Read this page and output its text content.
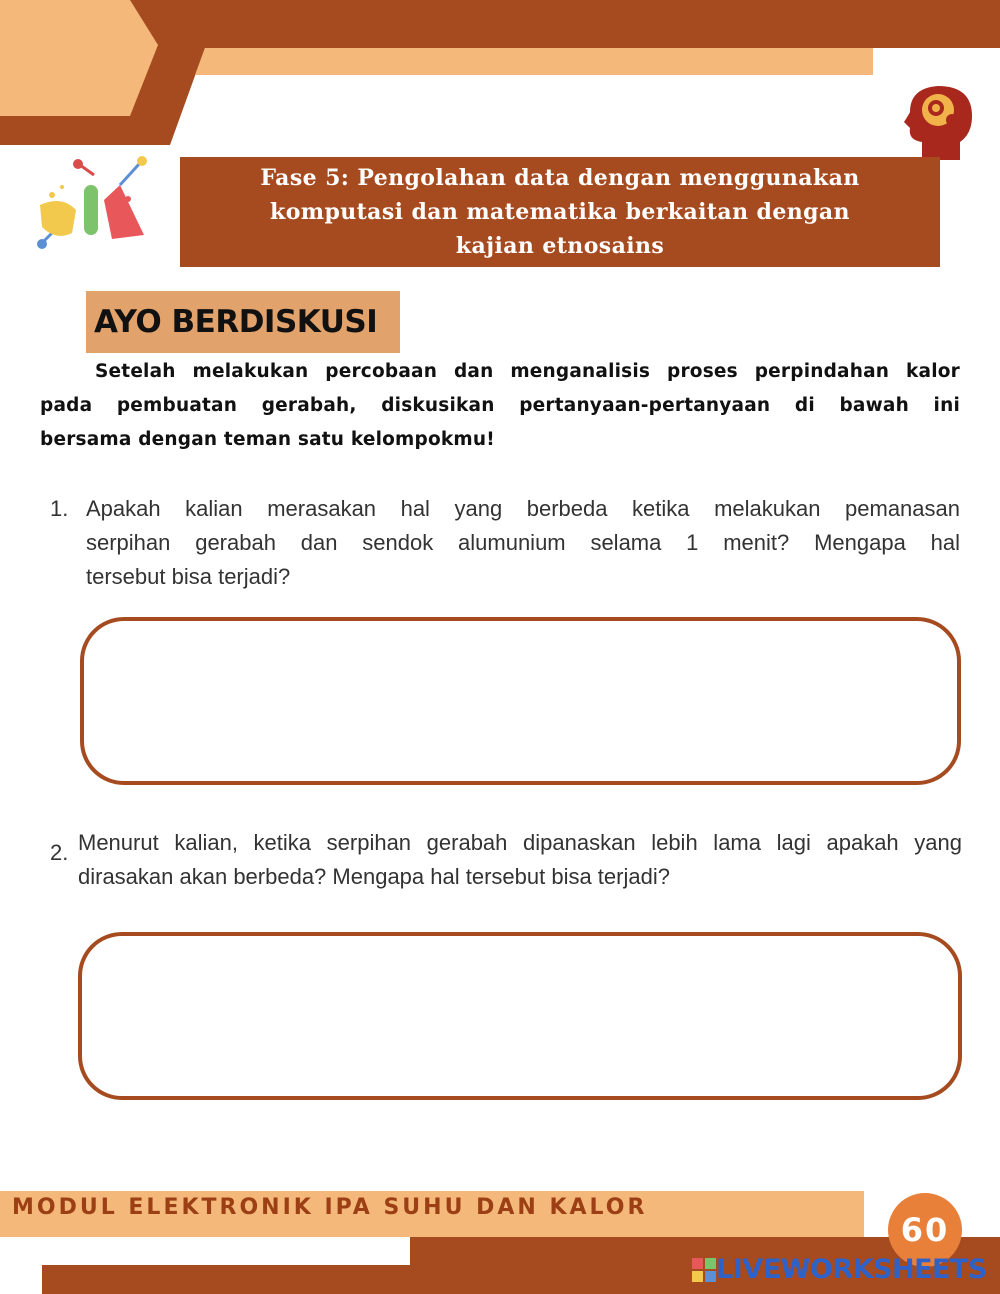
Fase 5: Pengolahan data dengan menggunakan
komputasi dan matematika berkaitan dengan
kajian etnosains
AYO BERDISKUSI
Setelah melakukan percobaan dan menganalisis proses perpindahan kalor
pada pembuatan gerabah, diskusikan pertanyaan-pertanyaan di bawah ini
bersama dengan teman satu kelompokmu!
1. Apakah kalian merasakan hal yang berbeda ketika melakukan pemanasan
serpihan gerabah dan sendok alumunium selama 1 menit? Mengapa hal
tersebut bisa terjadi?
2. Menurut kalian, ketika serpihan gerabah dipanaskan lebih lama lagi apakah yang
dirasakan akan berbeda? Mengapa hal tersebut bisa terjadi?
MODUL ELEKTRONIK IPA SUHU DAN KALOR
60
LIVEWORKSHEETS
